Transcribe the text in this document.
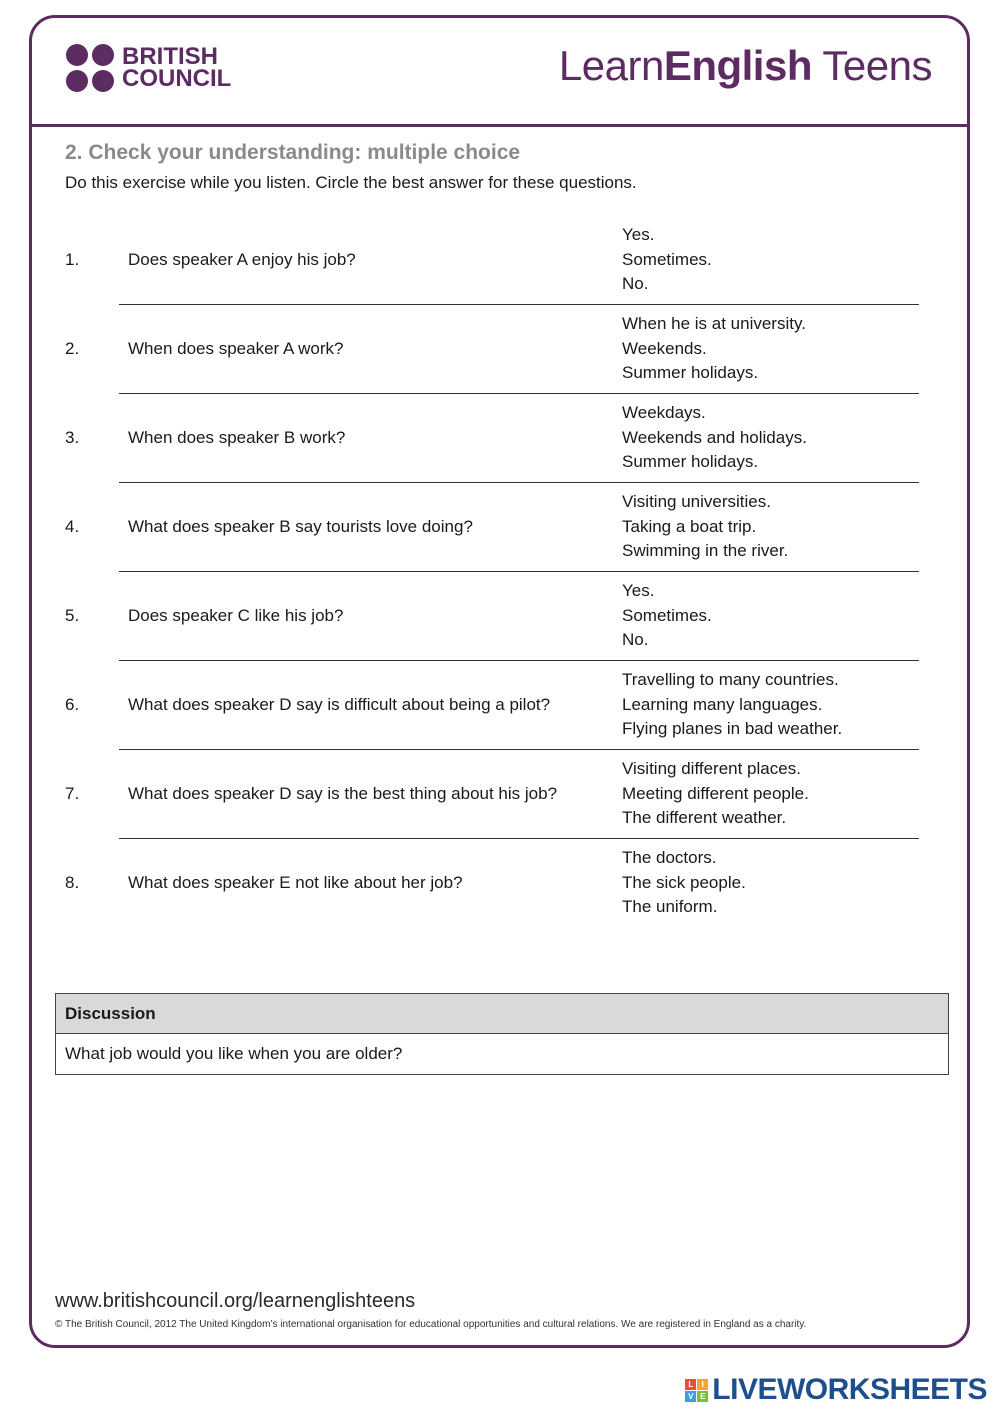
BRITISH
COUNCIL	LearnEnglish Teens
2. Check your understanding: multiple choice
Do this exercise while you listen. Circle the best answer for these questions.
1.	Does speaker A enjoy his job?
Yes.
Sometimes.
No.
2.	When does speaker A work?
When he is at university.
Weekends.
Summer holidays.
3.	When does speaker B work?
Weekdays.
Weekends and holidays.
Summer holidays.
4.	What does speaker B say tourists love doing?
Visiting universities.
Taking a boat trip.
Swimming in the river.
5.	Does speaker C like his job?
Yes.
Sometimes.
No.
6.	What does speaker D say is difficult about being a pilot?
Travelling to many countries.
Learning many languages.
Flying planes in bad weather.
7.	What does speaker D say is the best thing about his job?
Visiting different places.
Meeting different people.
The different weather.
8.	What does speaker E not like about her job?
The doctors.
The sick people.
The uniform.
Discussion
What job would you like when you are older?
www.britishcouncil.org/learnenglishteens
© The British Council, 2012 The United Kingdom’s international organisation for educational opportunities and cultural relations. We are registered in England as a charity.
L	I
V E LIVEWORKSHEETS
